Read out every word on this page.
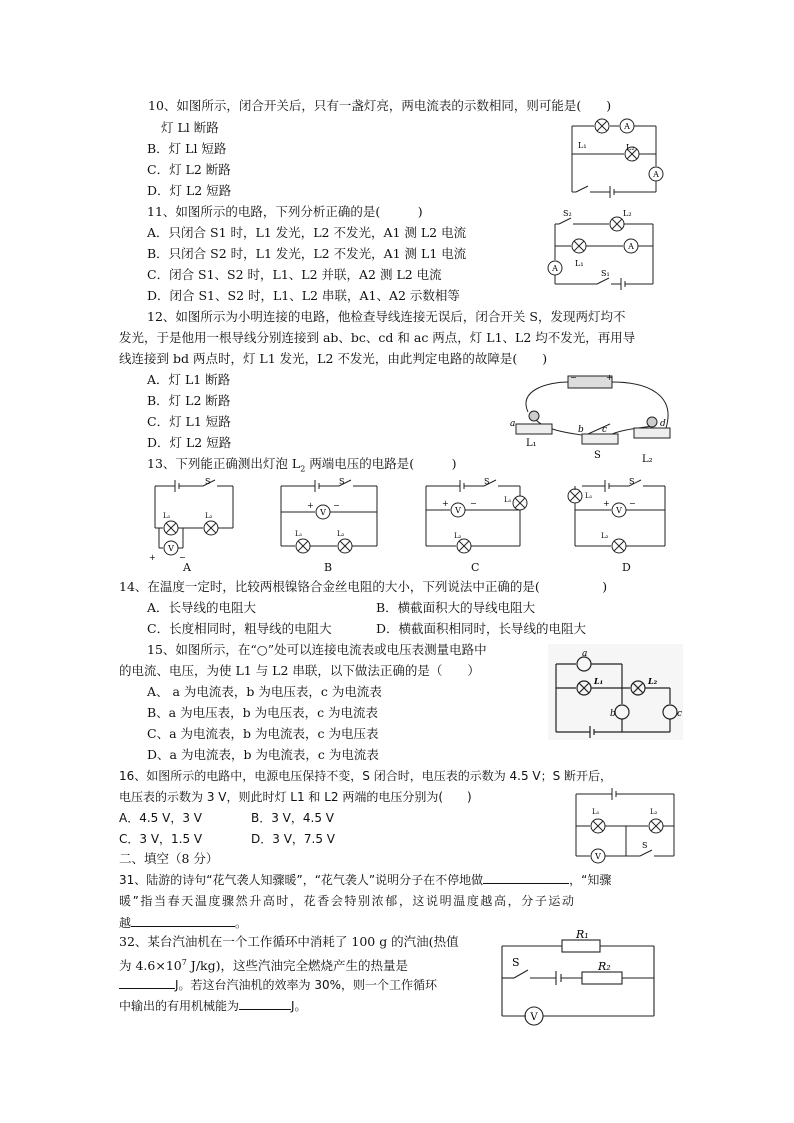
10、如图所示，闭合开关后，只有一盏灯亮，两电流表的示数相同，则可能是(　　)
灯 Ll 断路
B．灯 Ll 短路
C．灯 L2 断路
D．灯 L2 短路
A
A
L₁	L₂
11、如图所示的电路，下列分析正确的是(　　　)
A．只闭合 S1 时，L1 发光，L2 不发光，A1 测 L2 电流
B．只闭合 S2 时，L1 发光，L2 不发光，A1 测 L1 电流
C．闭合 S1、S2 时，L1、L2 并联，A2 测 L2 电流
D．闭合 S1、S2 时，L1、L2 串联，A1、A2 示数相等
A
A
S₂	L₂
L₁
S₁
12、如图所示为小明连接的电路，他检查导线连接无误后，闭合开关 S，发现两灯均不
发光，于是他用一根导线分别连接到 ab、bc、cd 和 ac 两点，灯 L1、L2 均不发光，再用导
线连接到 bd 两点时，灯 L1 发光，L2 不发光，由此判定电路的故障是(　　)
A．灯 L1 断路
B．灯 L2 断路
C．灯 L1 短路
D．灯 L2 短路
−	+
a
b c
d
L₁
S	L₂
13、下列能正确测出灯泡 $L_2$ 两端电压的电路是(　　　)
V
S
L₁	L₂
+	−
A
V
S
+ −
L₁	L₂
B
V
S
+	−	L₁
L₂
C
V
S
+ −
L₁
L₂
D
14、在温度一定时，比较两根镍铬合金丝电阻的大小，下列说法中正确的是(　　　　　)
A．长导线的电阻大	B．横截面积大的导线电阻大
C．长度相同时，粗导线的电阻大	D．横截面积相同时，长导线的电阻大
15、如图所示，在“○”处可以连接电流表或电压表测量电路中
的电流、电压，为使 L1 与 L2 串联，以下做法正确的是（　　）
A、 a 为电流表，b 为电压表，c 为电流表
B、a 为电压表，b 为电压表，c 为电流表
C、a 为电流表，b 为电流表，c 为电压表
D、a 为电流表，b 为电流表，c 为电流表
a
b	c
L₁	L₂
16、如图所示的电路中，电源电压保持不变，S 闭合时，电压表的示数为 4.5 V；S 断开后，
电压表的示数为 3 V，则此时灯 L1 和 L2 两端的电压分别为(　　)
A．4.5 V，3 V	B．3 V，4.5 V
C．3 V，1.5 V	D．3 V，7.5 V
V
S
L₁	L₂
二、填空（8 分）
31、陆游的诗句“花气袭人知骤暖”，“花气袭人”说明分子在不停地做	，“知骤
暖”指当春天温度骤然升高时，花香会特别浓郁，这说明温度越高，分子运动
越	。
32、某台汽油机在一个工作循环中消耗了 100 g 的汽油(热值
为 $4.6\times 10^7$ J/kg)，这些汽油完全燃烧产生的热量是
J。若这台汽油机的效率为 30%，则一个工作循环
中输出的有用机械能为	J。
V
R₁
R₂
S
